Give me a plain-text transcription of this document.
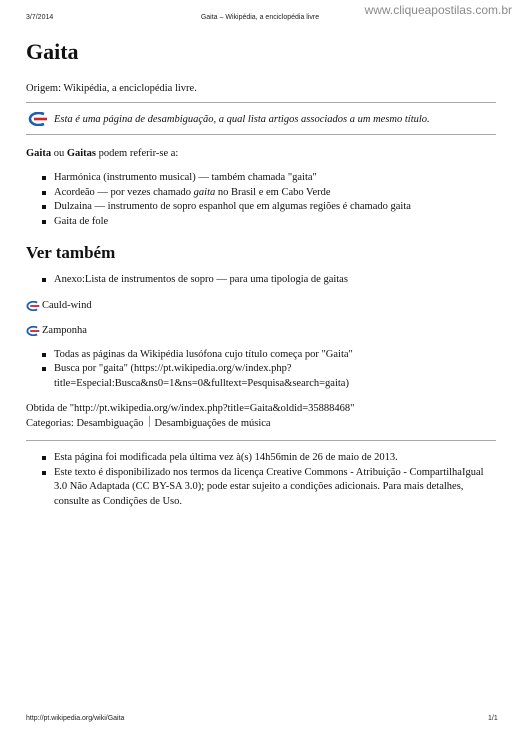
3/7/2014	Gaita – Wikipédia, a enciclopédia livre
www.cliqueapostilas.com.br
Gaita
Origem: Wikipédia, a enciclopédia livre.
Esta é uma página de desambiguação, a qual lista artigos associados a um mesmo título.
Gaita ou Gaitas podem referir-se a:
Harmónica (instrumento musical) — também chamada "gaita"
Acordeão — por vezes chamado gaita no Brasil e em Cabo Verde
Dulzaina — instrumento de sopro espanhol que em algumas regiões é chamado gaita
Gaita de fole
Ver também
Anexo:Lista de instrumentos de sopro — para uma tipologia de gaitas
Cauld-wind
Zamponha
Todas as páginas da Wikipédia lusófona cujo título começa por "Gaita"
Busca por "gaita" (https://pt.wikipedia.org/w/index.php?
title=Especial:Busca&ns0=1&ns=0&fulltext=Pesquisa&search=gaita)
Obtida de "http://pt.wikipedia.org/w/index.php?title=Gaita&oldid=35888468"
Categorias: Desambiguação Desambiguações de música
Esta página foi modificada pela última vez à(s) 14h56min de 26 de maio de 2013.
Este texto é disponibilizado nos termos da licença Creative Commons - Atribuição - CompartilhaIgual
3.0 Não Adaptada (CC BY-SA 3.0); pode estar sujeito a condições adicionais. Para mais detalhes,
consulte as Condições de Uso.
http://pt.wikipedia.org/wiki/Gaita	1/1
